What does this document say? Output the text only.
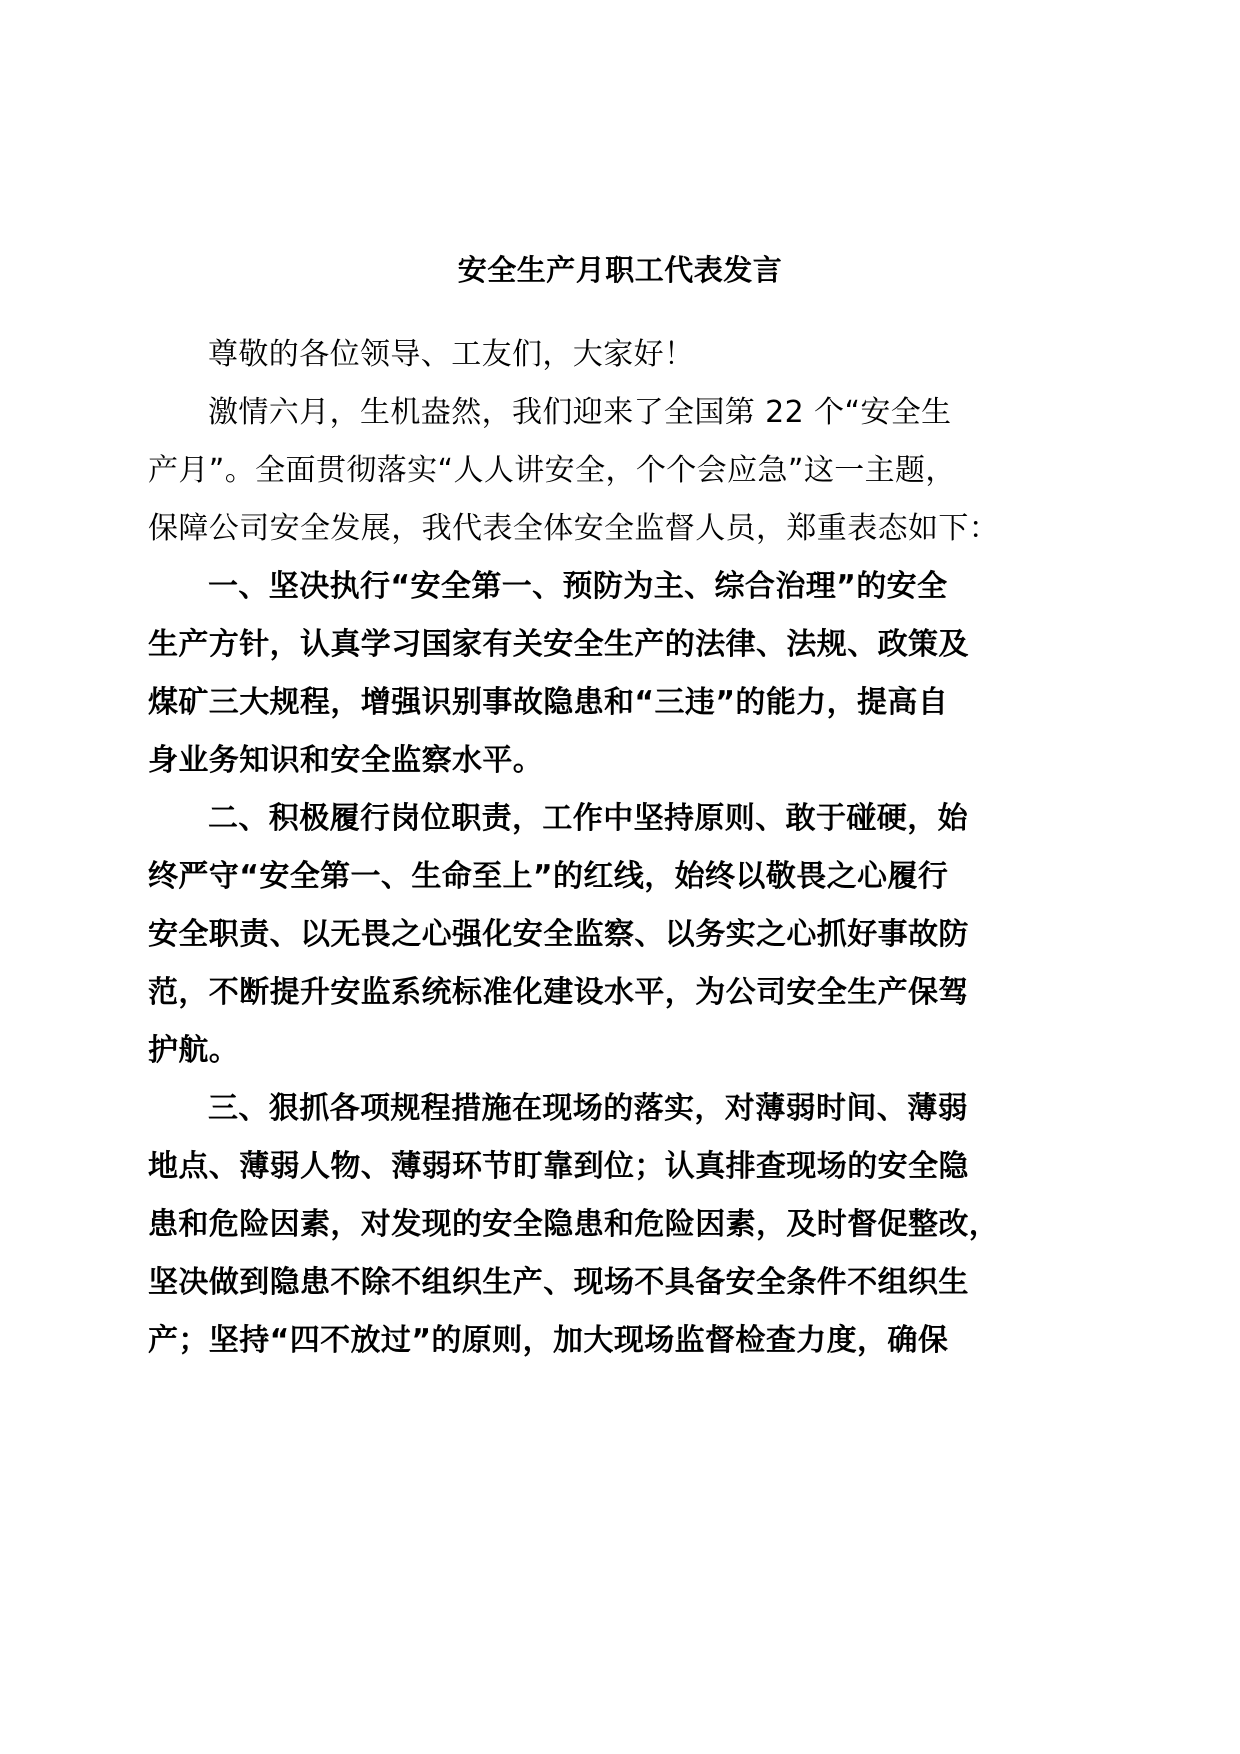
安全生产月职工代表发言
尊敬的各位领导、工友们，大家好！
激情六月，生机盎然，我们迎来了全国第 22 个“安全生
产月”。全面贯彻落实“人人讲安全，个个会应急”这一主题，
保障公司安全发展，我代表全体安全监督人员，郑重表态如下：
一、坚决执行“安全第一、预防为主、综合治理”的安全
生产方针，认真学习国家有关安全生产的法律、法规、政策及
煤矿三大规程，增强识别事故隐患和“三违”的能力，提高自
身业务知识和安全监察水平。
二、积极履行岗位职责，工作中坚持原则、敢于碰硬，始
终严守“安全第一、生命至上”的红线，始终以敬畏之心履行
安全职责、以无畏之心强化安全监察、以务实之心抓好事故防
范，不断提升安监系统标准化建设水平，为公司安全生产保驾
护航。
三、狠抓各项规程措施在现场的落实，对薄弱时间、薄弱
地点、薄弱人物、薄弱环节盯靠到位；认真排查现场的安全隐
患和危险因素，对发现的安全隐患和危险因素，及时督促整改，
坚决做到隐患不除不组织生产、现场不具备安全条件不组织生
产；坚持“四不放过”的原则，加大现场监督检查力度，确保
